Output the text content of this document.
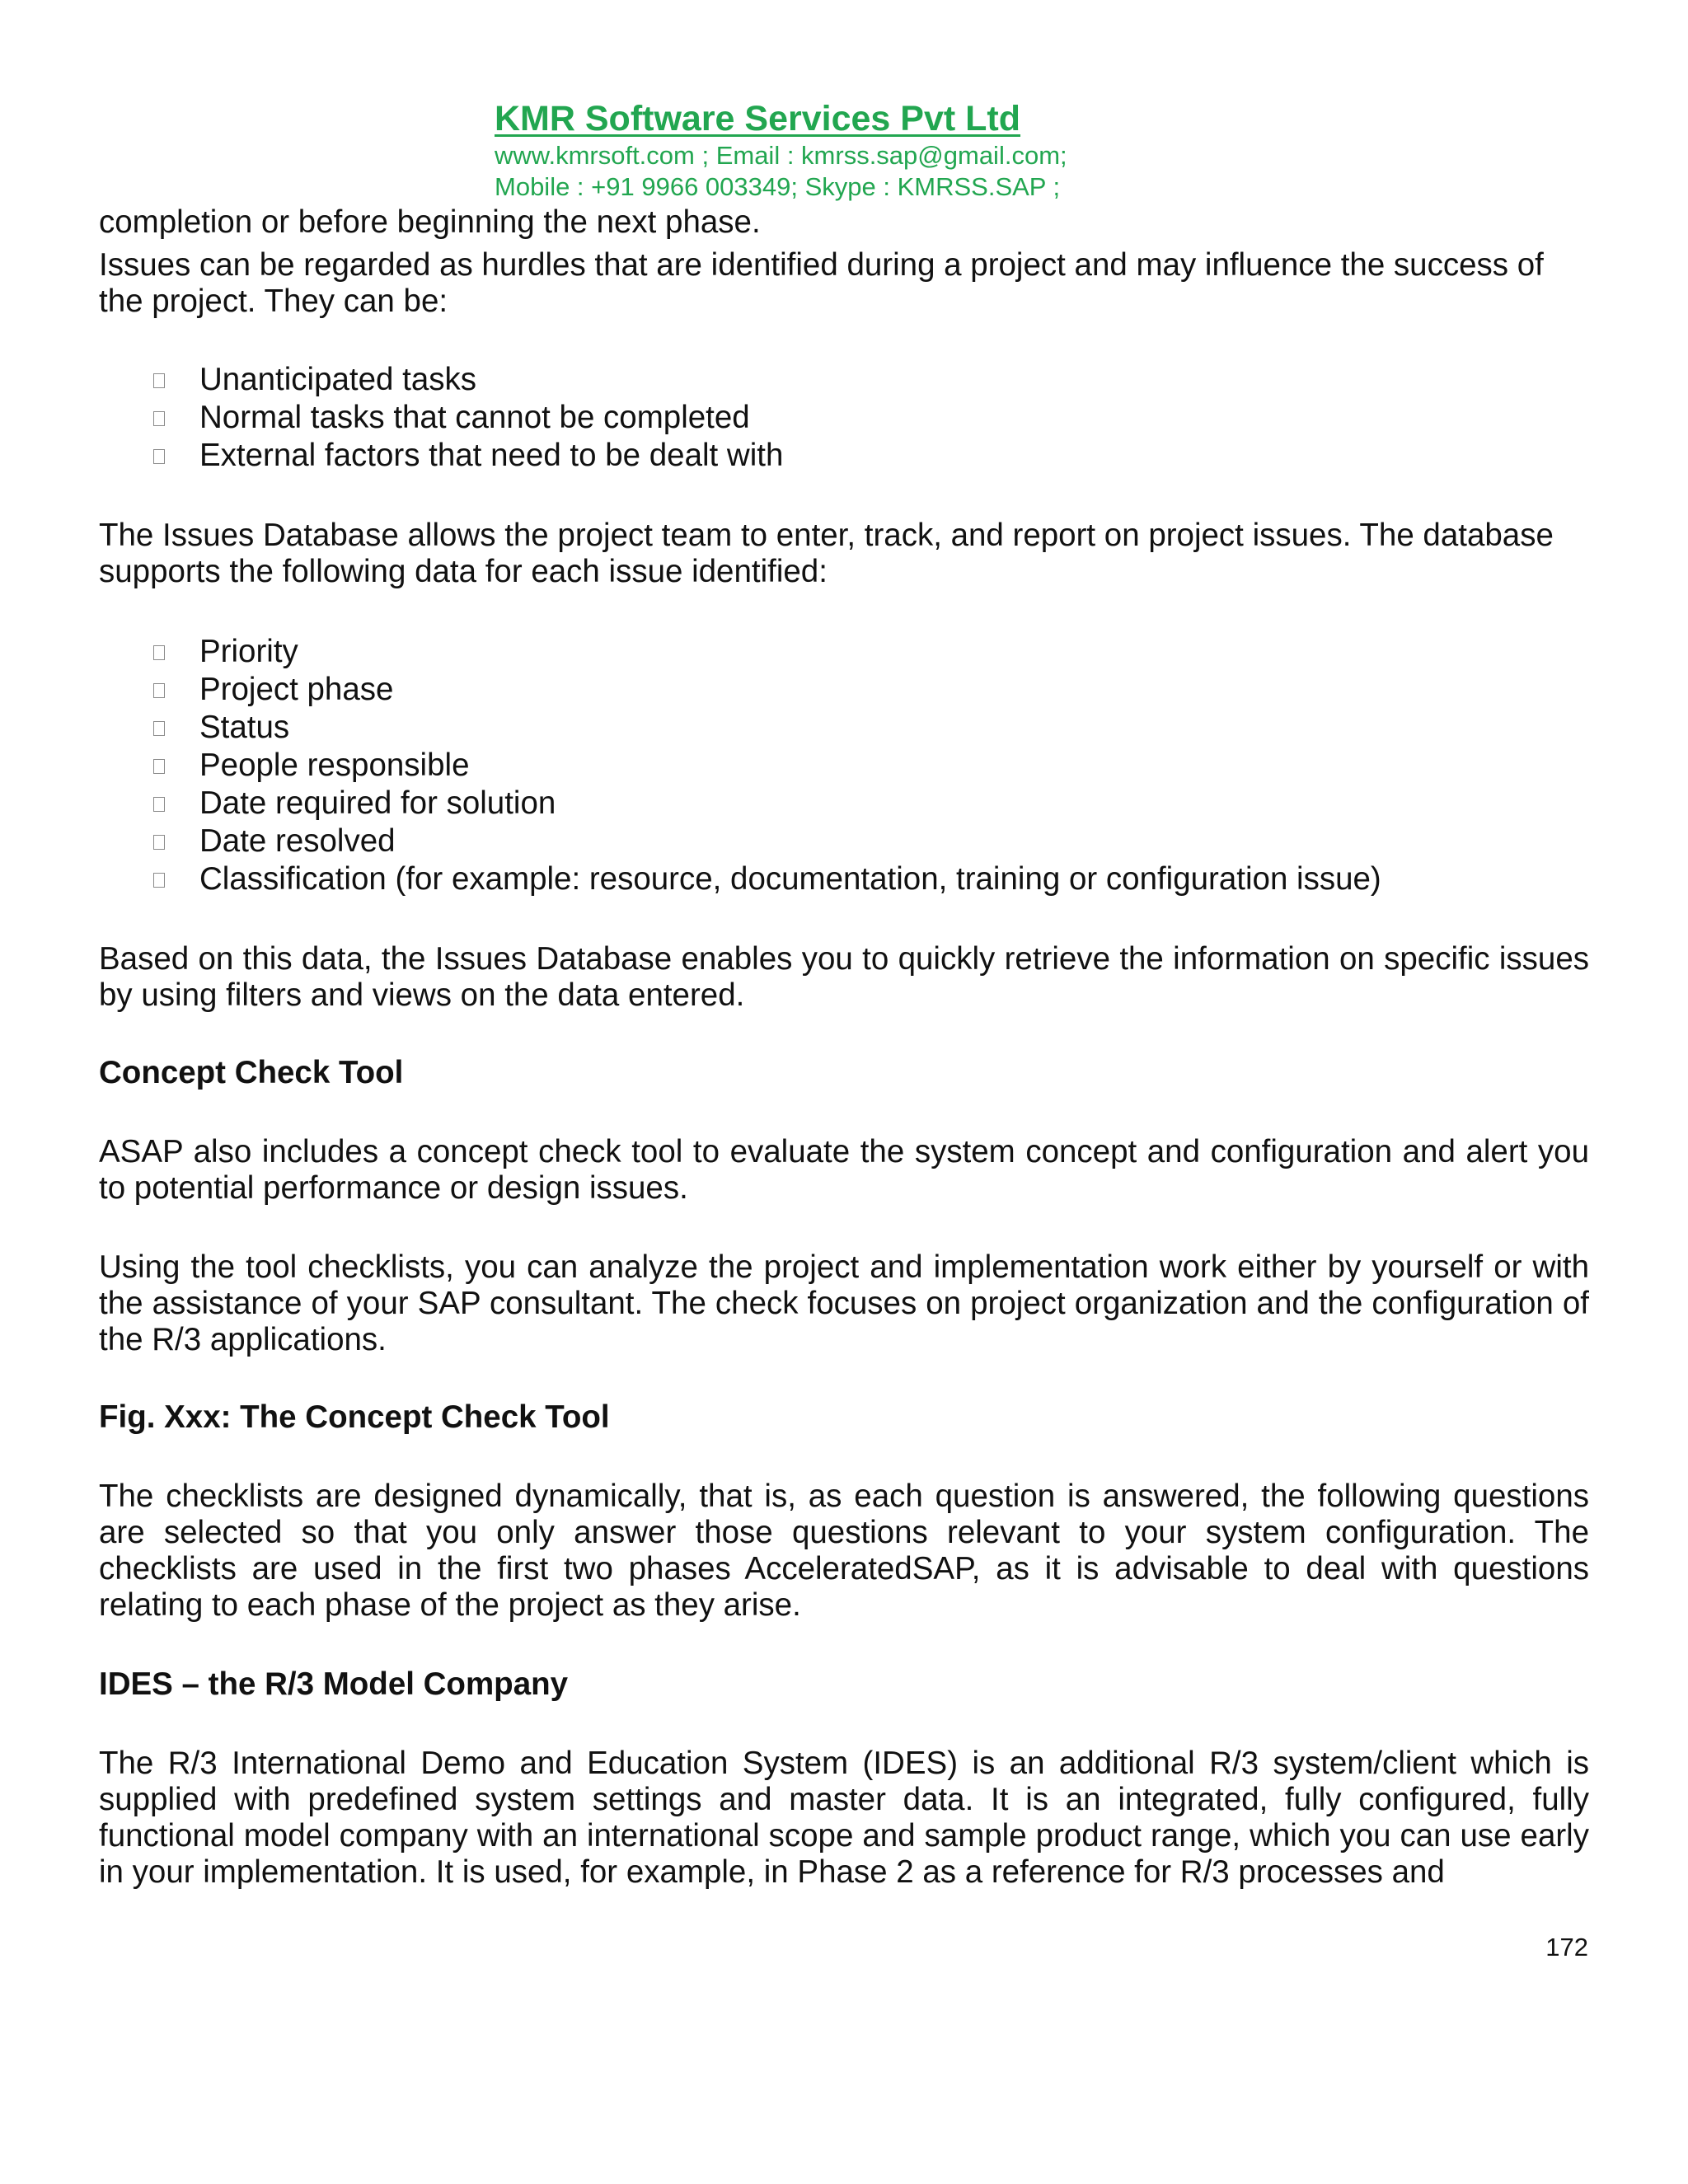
KMR Software Services Pvt Ltd

www.kmrsoft.com ; Email : kmrss.sap@gmail.com;

Mobile : +91 9966 003349; Skype : KMRSS.SAP ;

completion or before beginning the next phase.

Issues can be regarded as hurdles that are identified during a project and may influence the success of the project. They can be:

Unanticipated tasks
Normal tasks that cannot be completed
External factors that need to be dealt with

The Issues Database allows the project team to enter, track, and report on project issues. The database supports the following data for each issue identified:

Priority
Project phase
Status
People responsible
Date required for solution
Date resolved
Classification (for example: resource, documentation, training or configuration issue)

Based on this data, the Issues Database enables you to quickly retrieve the information on specific issues by using filters and views on the data entered.

Concept Check Tool

ASAP also includes a concept check tool to evaluate the system concept and configuration and alert you to potential performance or design issues.

Using the tool checklists, you can analyze the project and implementation work either by yourself or with the assistance of your SAP consultant. The check focuses on project organization and the configuration of the R/3 applications.

Fig. Xxx: The Concept Check Tool

The checklists are designed dynamically, that is, as each question is answered, the following questions are selected so that you only answer those questions relevant to your system configuration. The checklists are used in the first two phases AcceleratedSAP, as it is advisable to deal with questions relating to each phase of the project as they arise.

IDES – the R/3 Model Company

The R/3 International Demo and Education System (IDES) is an additional R/3 system/client which is supplied with predefined system settings and master data. It is an integrated, fully configured, fully functional model company with an international scope and sample product range, which you can use early in your implementation. It is used, for example, in Phase 2 as a reference for R/3 processes and

172
